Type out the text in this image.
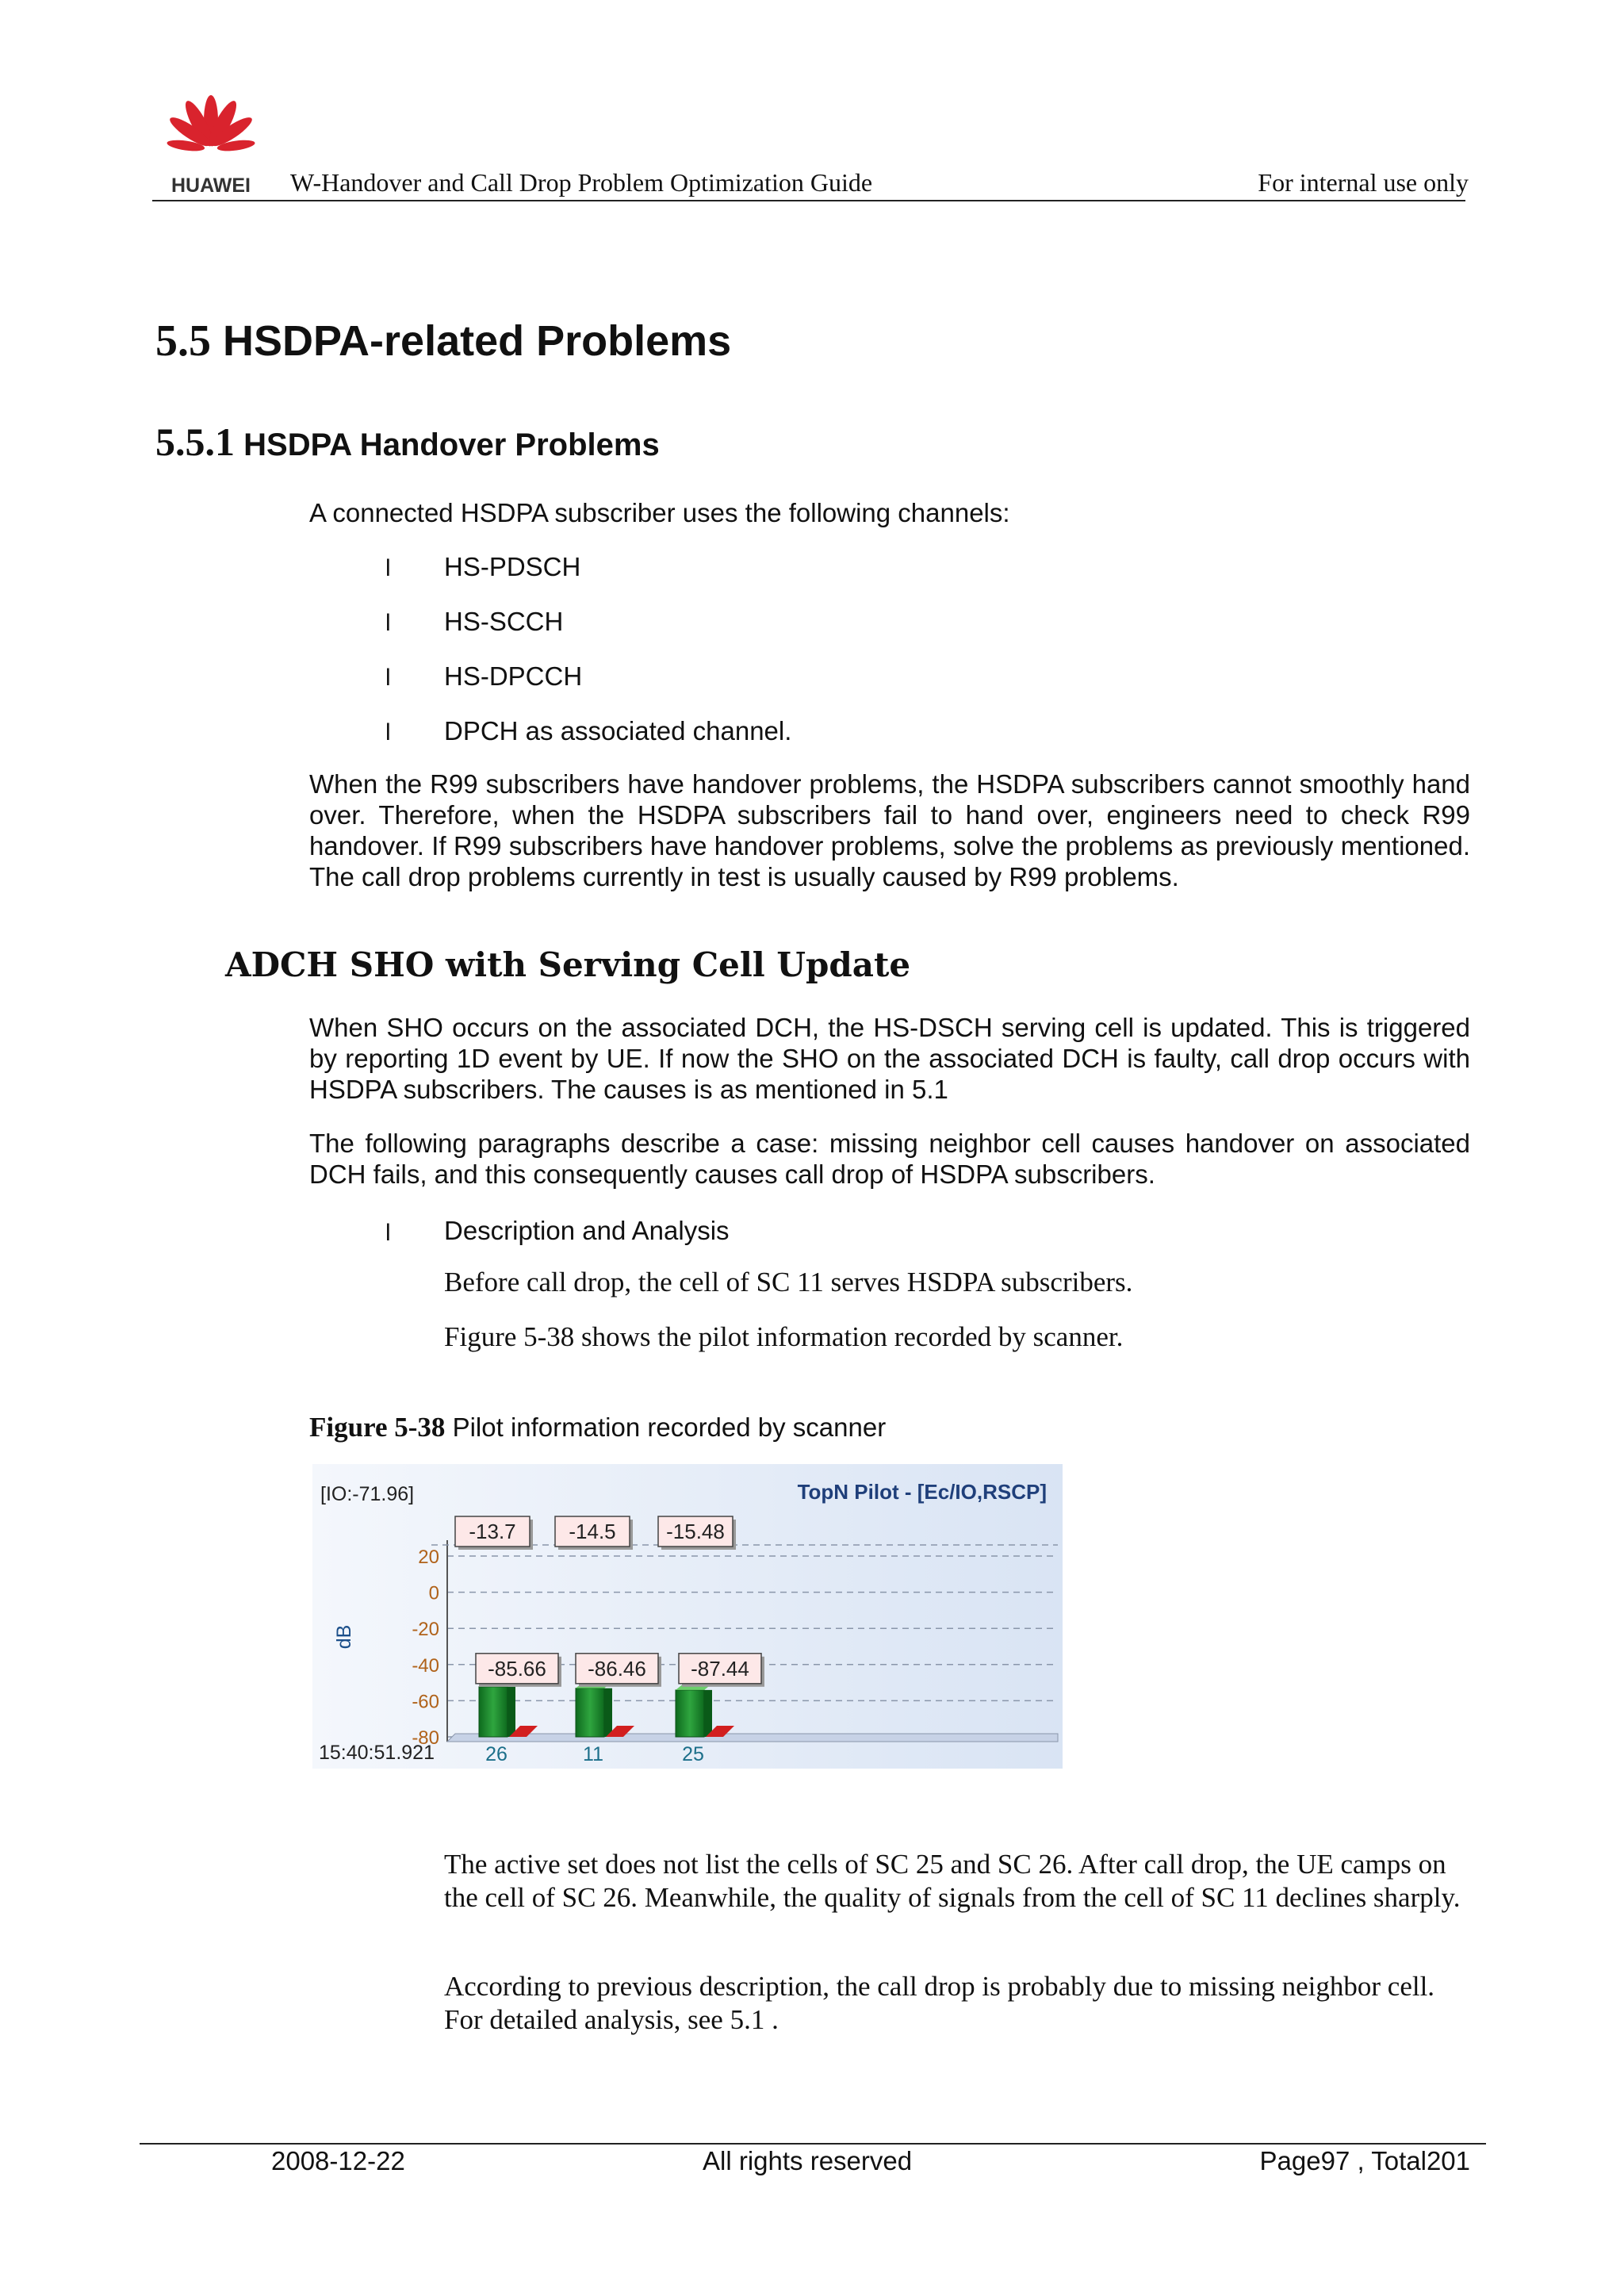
HUAWEI W-Handover and Call Drop Problem Optimization Guide	For internal use only
5.5 HSDPA-related Problems
5.5.1 HSDPA Handover Problems
A connected HSDPA subscriber uses the following channels:
l HS-PDSCH
l HS-SCCH
l HS-DPCCH
l DPCH as associated channel.
When the R99 subscribers have handover problems, the HSDPA subscribers cannot smoothly hand over. Therefore, when the HSDPA subscribers fail to hand over, engineers need to check R99 handover. If R99 subscribers have handover problems, solve the problems as previously mentioned. The call drop problems currently in test is usually caused by R99 problems.
ADCH SHO with Serving Cell Update
When SHO occurs on the associated DCH, the HS-DSCH serving cell is updated. This is triggered by reporting 1D event by UE. If now the SHO on the associated DCH is faulty, call drop occurs with HSDPA subscribers. The causes is as mentioned in 5.1
The following paragraphs describe a case: missing neighbor cell causes handover on associated DCH fails, and this consequently causes call drop of HSDPA subscribers.
l Description and Analysis
Before call drop, the cell of SC 11 serves HSDPA subscribers.
Figure 5-38 shows the pilot information recorded by scanner.
Figure 5-38 Pilot information recorded by scanner
20
0
-20
-40
-60
-80
-13.7
-85.66
26
-14.5
-86.46
11
-15.48
-87.44
25
[IO:-71.96]	TopN Pilot - [Ec/IO,RSCP]
dB
15:40:51.921
The active set does not list the cells of SC 25 and SC 26. After call drop, the UE camps on the cell of SC 26. Meanwhile, the quality of signals from the cell of SC 11 declines sharply.
According to previous description, the call drop is probably due to missing neighbor cell. For detailed analysis, see 5.1 .
2008-12-22	All rights reserved	Page97 , Total201
